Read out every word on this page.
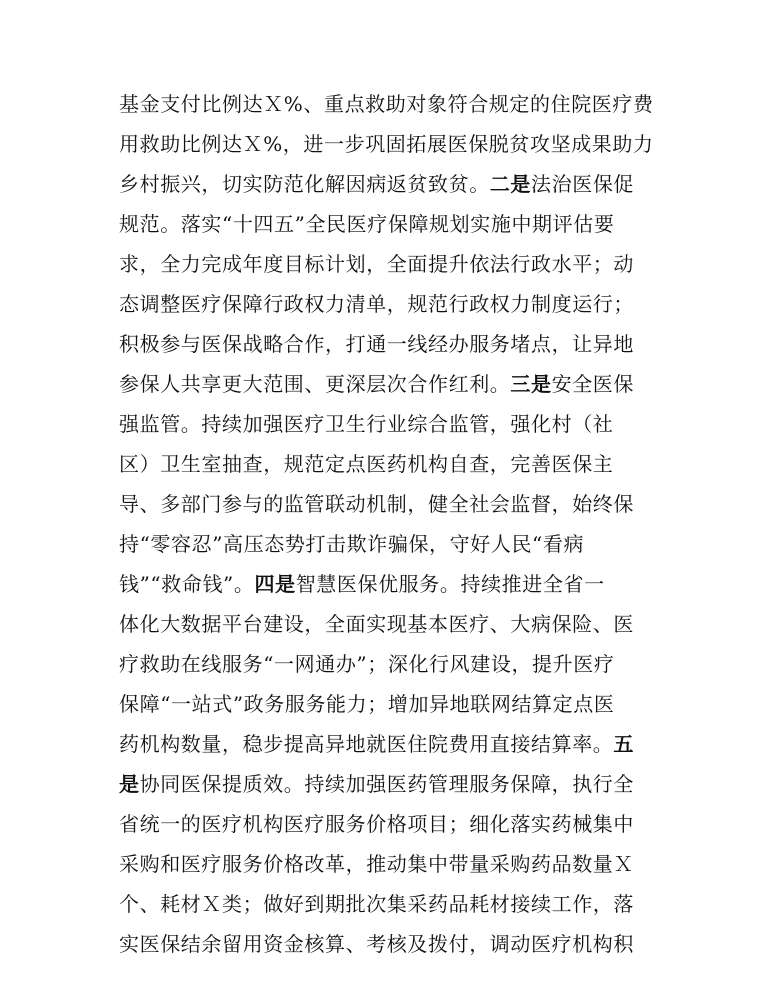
基金支付比例达Ｘ%、重点救助对象符合规定的住院医疗费
用救助比例达Ｘ%，进一步巩固拓展医保脱贫攻坚成果助力
乡村振兴，切实防范化解因病返贫致贫。二是法治医保促
规范。落实“十四五”全民医疗保障规划实施中期评估要
求，全力完成年度目标计划，全面提升依法行政水平；动
态调整医疗保障行政权力清单，规范行政权力制度运行；
积极参与医保战略合作，打通一线经办服务堵点，让异地
参保人共享更大范围、更深层次合作红利。三是安全医保
强监管。持续加强医疗卫生行业综合监管，强化村（社
区）卫生室抽查，规范定点医药机构自查，完善医保主
导、多部门参与的监管联动机制，健全社会监督，始终保
持“零容忍”高压态势打击欺诈骗保，守好人民“看病
钱”“救命钱”。四是智慧医保优服务。持续推进全省一
体化大数据平台建设，全面实现基本医疗、大病保险、医
疗救助在线服务“一网通办”；深化行风建设，提升医疗
保障“一站式”政务服务能力；增加异地联网结算定点医
药机构数量，稳步提高异地就医住院费用直接结算率。五
是协同医保提质效。持续加强医药管理服务保障，执行全
省统一的医疗机构医疗服务价格项目；细化落实药械集中
采购和医疗服务价格改革，推动集中带量采购药品数量Ｘ
个、耗材Ｘ类；做好到期批次集采药品耗材接续工作，落
实医保结余留用资金核算、考核及拨付，调动医疗机构积
